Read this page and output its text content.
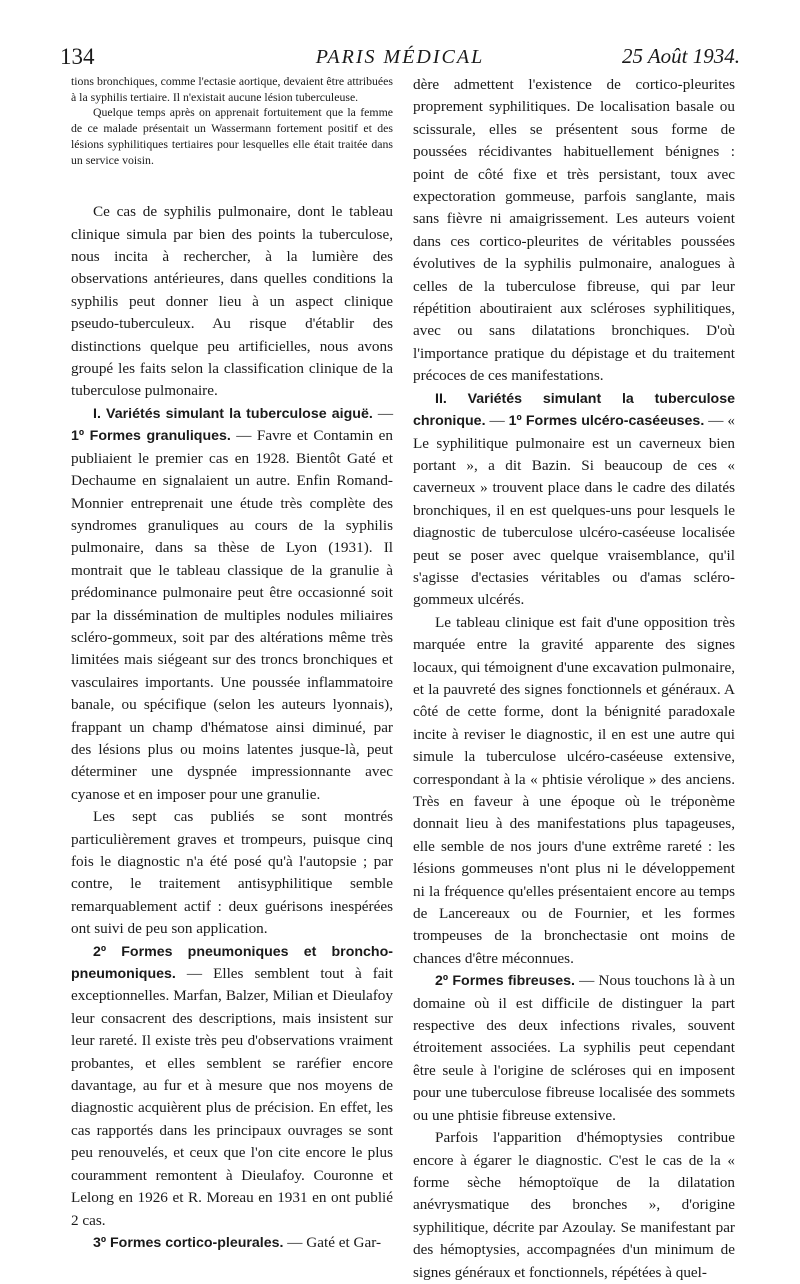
134	PARIS MÉDICAL	25 Août 1934.

tions bronchiques, comme l'ectasie aortique, devaient être attribuées à la syphilis tertiaire. Il n'existait aucune lésion tuberculeuse.

Quelque temps après on apprenait fortuitement que la femme de ce malade présentait un Wassermann fortement positif et des lésions syphilitiques tertiaires pour lesquelles elle était traitée dans un service voisin.

Ce cas de syphilis pulmonaire, dont le tableau clinique simula par bien des points la tuberculose, nous incita à rechercher, à la lumière des observations antérieures, dans quelles conditions la syphilis peut donner lieu à un aspect clinique pseudo-tuberculeux. Au risque d'établir des distinctions quelque peu artificielles, nous avons groupé les faits selon la classification clinique de la tuberculose pulmonaire.

I. Variétés simulant la tuberculose aiguë. — 1º Formes granuliques. — Favre et Contamin en publiaient le premier cas en 1928. Bientôt Gaté et Dechaume en signalaient un autre. Enfin Romand-Monnier entreprenait une étude très complète des syndromes granuliques au cours de la syphilis pulmonaire, dans sa thèse de Lyon (1931). Il montrait que le tableau classique de la granulie à prédominance pulmonaire peut être occasionné soit par la dissémination de multiples nodules miliaires scléro-gommeux, soit par des altérations même très limitées mais siégeant sur des troncs bronchiques et vasculaires importants. Une poussée inflammatoire banale, ou spécifique (selon les auteurs lyonnais), frappant un champ d'hématose ainsi diminué, par des lésions plus ou moins latentes jusque-là, peut déterminer une dyspnée impressionnante avec cyanose et en imposer pour une granulie.

Les sept cas publiés se sont montrés particulièrement graves et trompeurs, puisque cinq fois le diagnostic n'a été posé qu'à l'autopsie ; par contre, le traitement antisyphilitique semble remarquablement actif : deux guérisons inespérées ont suivi de peu son application.

2º Formes pneumoniques et broncho-pneumoniques. — Elles semblent tout à fait exceptionnelles. Marfan, Balzer, Milian et Dieulafoy leur consacrent des descriptions, mais insistent sur leur rareté. Il existe très peu d'observations vraiment probantes, et elles semblent se raréfier encore davantage, au fur et à mesure que nos moyens de diagnostic acquièrent plus de précision. En effet, les cas rapportés dans les principaux ouvrages se sont peu renouvelés, et ceux que l'on cite encore le plus couramment remontent à Dieulafoy. Couronne et Lelong en 1926 et R. Moreau en 1931 en ont publié 2 cas.

3º Formes cortico-pleurales. — Gaté et Gar-

dère admettent l'existence de cortico-pleurites proprement syphilitiques. De localisation basale ou scissurale, elles se présentent sous forme de poussées récidivantes habituellement bénignes : point de côté fixe et très persistant, toux avec expectoration gommeuse, parfois sanglante, mais sans fièvre ni amaigrissement. Les auteurs voient dans ces cortico-pleurites de véritables poussées évolutives de la syphilis pulmonaire, analogues à celles de la tuberculose fibreuse, qui par leur répétition aboutiraient aux scléroses syphilitiques, avec ou sans dilatations bronchiques. D'où l'importance pratique du dépistage et du traitement précoces de ces manifestations.

II. Variétés simulant la tuberculose chronique. — 1º Formes ulcéro-caséeuses. — « Le syphilitique pulmonaire est un caverneux bien portant », a dit Bazin. Si beaucoup de ces « caverneux » trouvent place dans le cadre des dilatés bronchiques, il en est quelques-uns pour lesquels le diagnostic de tuberculose ulcéro-caséeuse localisée peut se poser avec quelque vraisemblance, qu'il s'agisse d'ectasies véritables ou d'amas scléro-gommeux ulcérés.

Le tableau clinique est fait d'une opposition très marquée entre la gravité apparente des signes locaux, qui témoignent d'une excavation pulmonaire, et la pauvreté des signes fonctionnels et généraux. A côté de cette forme, dont la bénignité paradoxale incite à reviser le diagnostic, il en est une autre qui simule la tuberculose ulcéro-caséeuse extensive, correspondant à la « phtisie vérolique » des anciens. Très en faveur à une époque où le tréponème donnait lieu à des manifestations plus tapageuses, elle semble de nos jours d'une extrême rareté : les lésions gommeuses n'ont plus ni le développement ni la fréquence qu'elles présentaient encore au temps de Lancereaux ou de Fournier, et les formes trompeuses de la bronchectasie ont moins de chances d'être méconnues.

2º Formes fibreuses. — Nous touchons là à un domaine où il est difficile de distinguer la part respective des deux infections rivales, souvent étroitement associées. La syphilis peut cependant être seule à l'origine de scléroses qui en imposent pour une tuberculose fibreuse localisée des sommets ou une phtisie fibreuse extensive.

Parfois l'apparition d'hémoptysies contribue encore à égarer le diagnostic. C'est le cas de la « forme sèche hémoptoïque de la dilatation anévrysmatique des bronches », d'origine syphilitique, décrite par Azoulay. Se manifestant par des hémoptysies, accompagnées d'un minimum de signes généraux et fonctionnels, répétées à quel-
